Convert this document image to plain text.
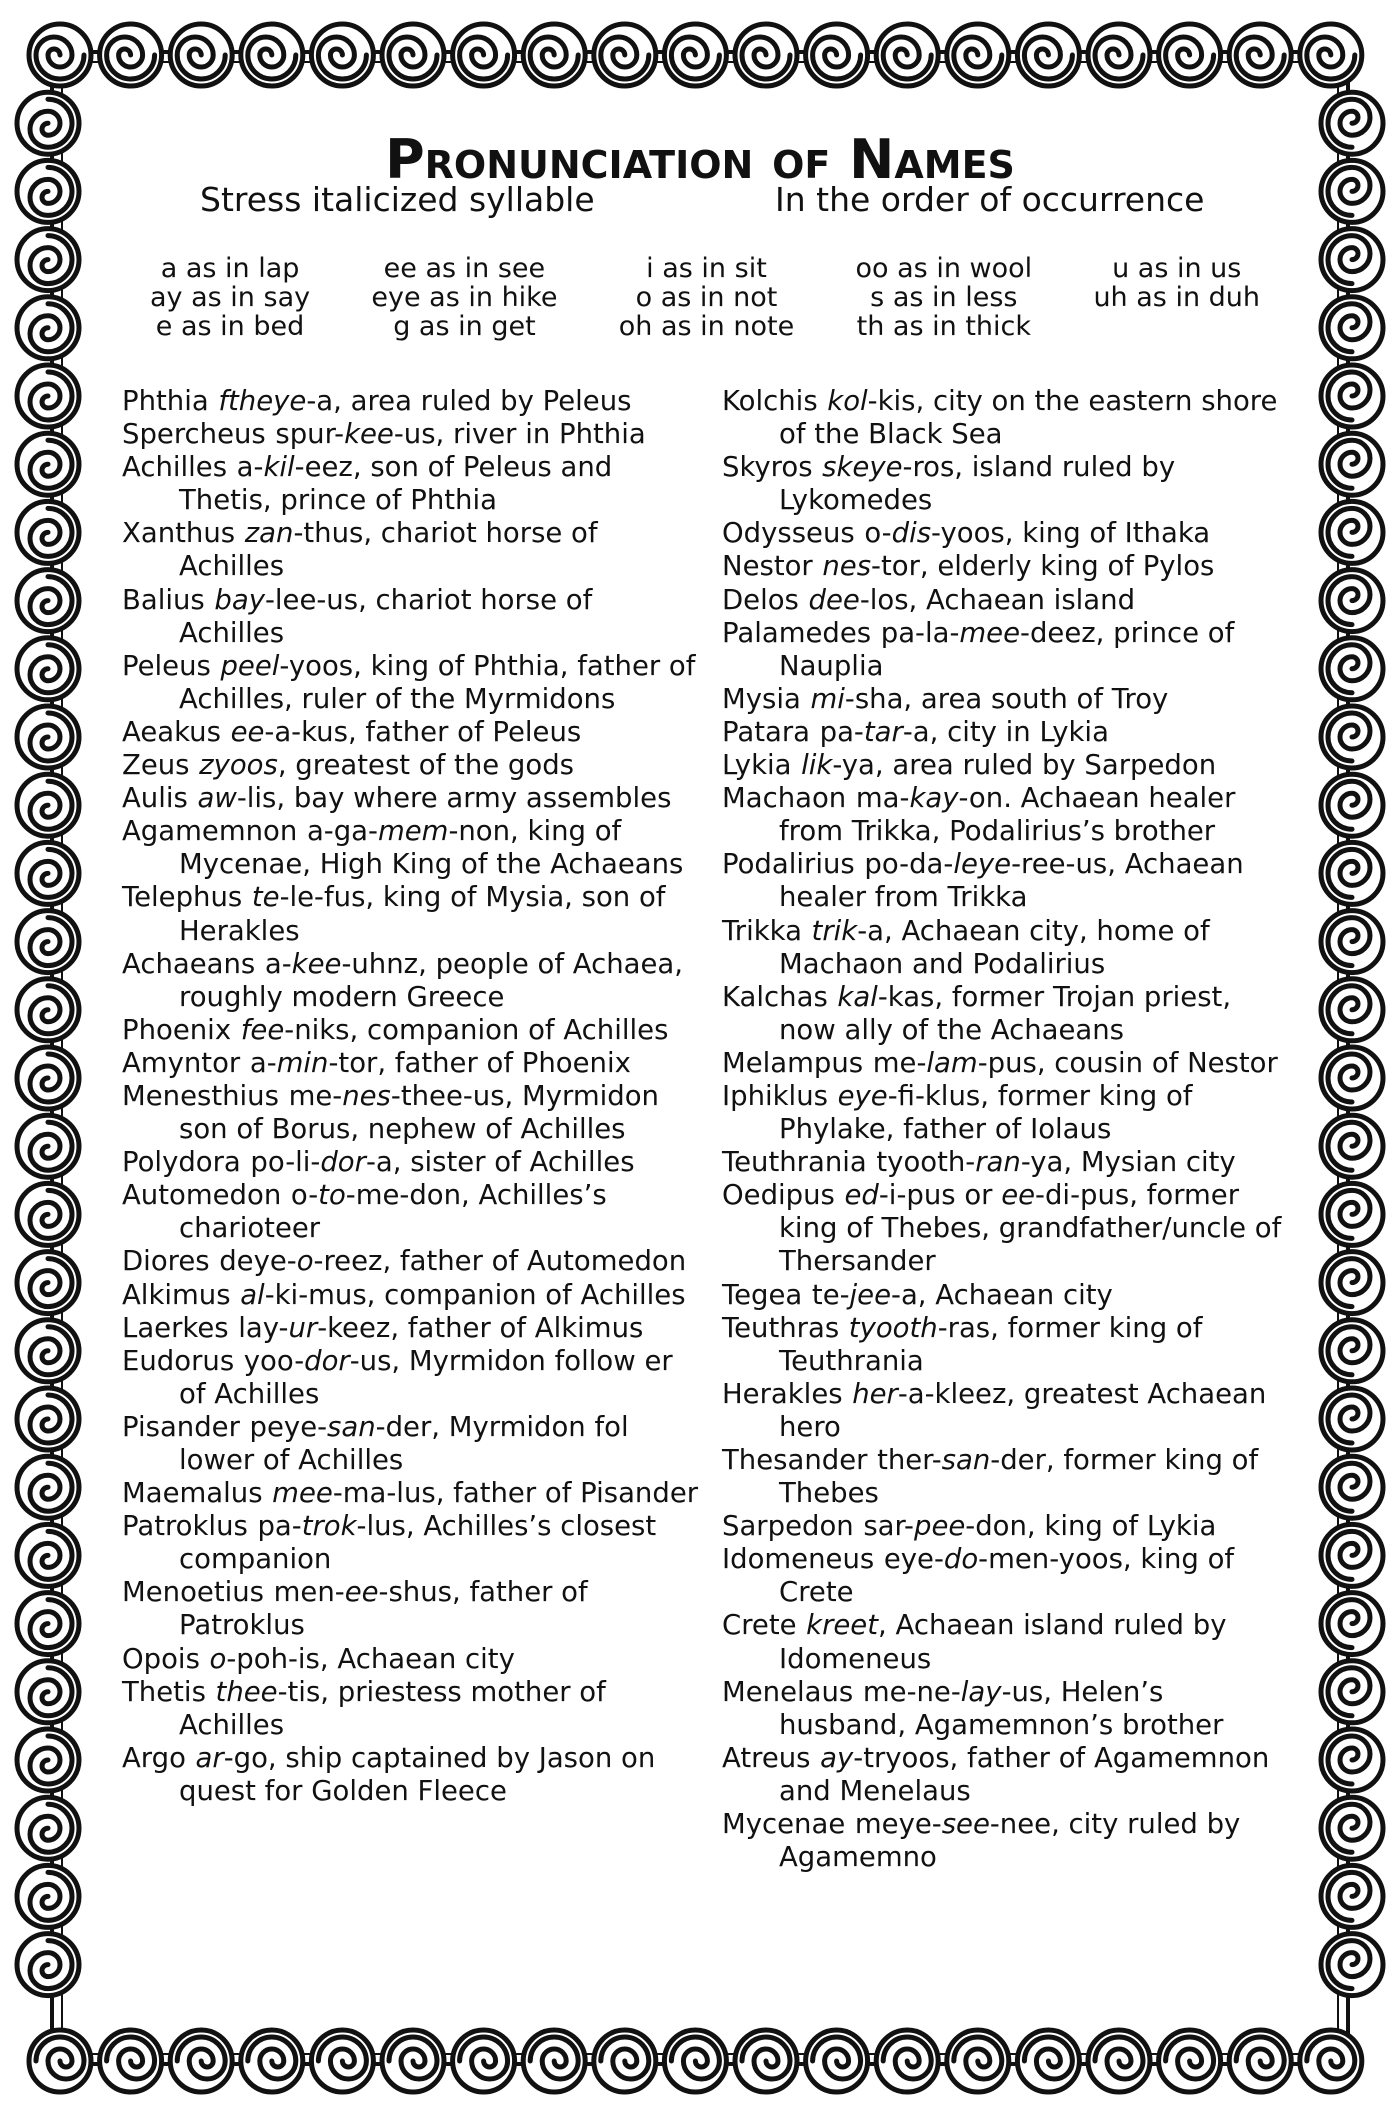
Pronunciation of Names
Stress italicized syllable	In the order of occurrence
a as in lap
ay as in say
e as in bed
ee as in see
eye as in hike
g as in get
i as in sit
o as in not
oh as in note
oo as in wool
s as in less
th as in thick
u as in us
uh as in duh
Phthia ftheye-a, area ruled by Peleus
Spercheus spur-kee-us, river in Phthia
Achilles a-kil-eez, son of Peleus and Thetis, prince of Phthia
Xanthus zan-thus, chariot horse of Achilles
Balius bay-lee-us, chariot horse of Achilles
Peleus peel-yoos, king of Phthia, father of Achilles, ruler of the Myrmidons
Aeakus ee-a-kus, father of Peleus
Zeus zyoos, greatest of the gods
Aulis aw-lis, bay where army assembles
Agamemnon a-ga-mem-non, king of Mycenae, High King of the Achaeans
Telephus te-le-fus, king of Mysia, son of Herakles
Achaeans a-kee-uhnz, people of Achaea, roughly modern Greece
Phoenix fee-niks, companion of Achilles
Amyntor a-min-tor, father of Phoenix
Menesthius me-nes-thee-us, Myrmidon son of Borus, nephew of Achilles
Polydora po-li-dor-a, sister of Achilles
Automedon o-to-me-don, Achilles’s charioteer
Diores deye-o-reez, father of Automedon
Alkimus al-ki-mus, companion of Achilles
Laerkes lay-ur-keez, father of Alkimus
Eudorus yoo-dor-us, Myrmidon follow er of Achilles
Pisander peye-san-der, Myrmidon fol lower of Achilles
Maemalus mee-ma-lus, father of Pisander
Patroklus pa-trok-lus, Achilles’s closest companion
Menoetius men-ee-shus, father of Patroklus
Opois o-poh-is, Achaean city
Thetis thee-tis, priestess mother of Achilles
Argo ar-go, ship captained by Jason on quest for Golden Fleece
Kolchis kol-kis, city on the eastern shore of the Black Sea
Skyros skeye-ros, island ruled by Lykomedes
Odysseus o-dis-yoos, king of Ithaka
Nestor nes-tor, elderly king of Pylos
Delos dee-los, Achaean island
Palamedes pa-la-mee-deez, prince of Nauplia
Mysia mi-sha, area south of Troy
Patara pa-tar-a, city in Lykia
Lykia lik-ya, area ruled by Sarpedon
Machaon ma-kay-on. Achaean healer from Trikka, Podalirius’s brother
Podalirius po-da-leye-ree-us, Achaean healer from Trikka
Trikka trik-a, Achaean city, home of Machaon and Podalirius
Kalchas kal-kas, former Trojan priest, now ally of the Achaeans
Melampus me-lam-pus, cousin of Nestor
Iphiklus eye-fi-klus, former king of Phylake, father of Iolaus
Teuthrania tyooth-ran-ya, Mysian city
Oedipus ed-i-pus or ee-di-pus, former king of Thebes, grandfather/uncle of Thersander
Tegea te-jee-a, Achaean city
Teuthras tyooth-ras, former king of Teuthrania
Herakles her-a-kleez, greatest Achaean hero
Thesander ther-san-der, former king of Thebes
Sarpedon sar-pee-don, king of Lykia
Idomeneus eye-do-men-yoos, king of Crete
Crete kreet, Achaean island ruled by Idomeneus
Menelaus me-ne-lay-us, Helen’s husband, Agamemnon’s brother
Atreus ay-tryoos, father of Agamemnon and Menelaus
Mycenae meye-see-nee, city ruled by Agamemno
